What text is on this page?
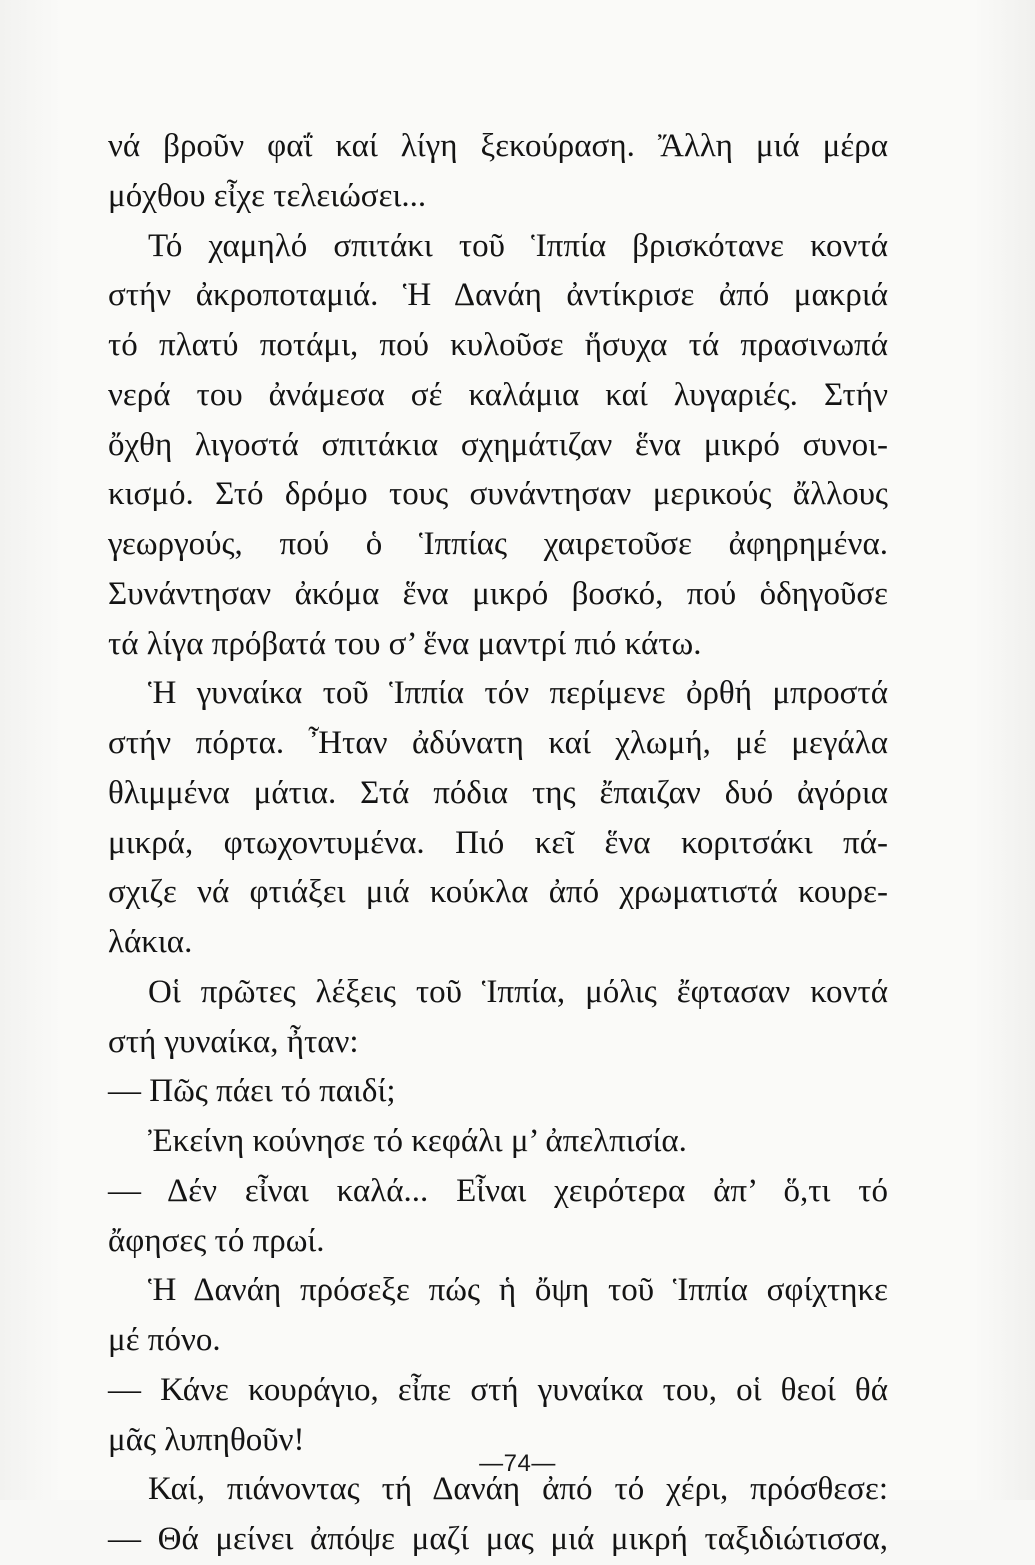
νά βροῦν φαΐ καί λίγη ξεκούραση. Ἄλλη μιά μέρα
μόχθου εἶχε τελειώσει...
Τό χαμηλό σπιτάκι τοῦ Ἱππία βρισκότανε κοντά
στήν ἀκροποταμιά. Ἡ Δανάη ἀντίκρισε ἀπό μακριά
τό πλατύ ποτάμι, πού κυλοῦσε ἥσυχα τά πρασινωπά
νερά του ἀνάμεσα σέ καλάμια καί λυγαριές. Στήν
ὄχθη λιγοστά σπιτάκια σχημάτιζαν ἕνα μικρό συνοι-
κισμό. Στό δρόμο τους συνάντησαν μερικούς ἄλλους
γεωργούς, πού ὁ Ἱππίας χαιρετοῦσε ἀφηρημένα.
Συνάντησαν ἀκόμα ἕνα μικρό βοσκό, πού ὁδηγοῦσε
τά λίγα πρόβατά του σ’ ἕνα μαντρί πιό κάτω.
Ἡ γυναίκα τοῦ Ἱππία τόν περίμενε ὀρθή μπροστά
στήν πόρτα. Ἦταν ἀδύνατη καί χλωμή, μέ μεγάλα
θλιμμένα μάτια. Στά πόδια της ἔπαιζαν δυό ἀγόρια
μικρά, φτωχοντυμένα. Πιό κεῖ ἕνα κοριτσάκι πά-
σχιζε νά φτιάξει μιά κούκλα ἀπό χρωματιστά κουρε-
λάκια.
Οἱ πρῶτες λέξεις τοῦ Ἱππία, μόλις ἔφτασαν κοντά
στή γυναίκα, ἦταν:
— Πῶς πάει τό παιδί;
Ἐκείνη κούνησε τό κεφάλι μ’ ἀπελπισία.
— Δέν εἶναι καλά... Εἶναι χειρότερα ἀπ’ ὅ,τι τό
ἄφησες τό πρωί.
Ἡ Δανάη πρόσεξε πώς ἡ ὄψη τοῦ Ἱππία σφίχτηκε
μέ πόνο.
— Κάνε κουράγιο, εἶπε στή γυναίκα του, οἱ θεοί θά
μᾶς λυπηθοῦν!
Καί, πιάνοντας τή Δανάη ἀπό τό χέρι, πρόσθεσε:
— Θά μείνει ἀπόψε μαζί μας μιά μικρή ταξιδιώτισσα,
—74—
